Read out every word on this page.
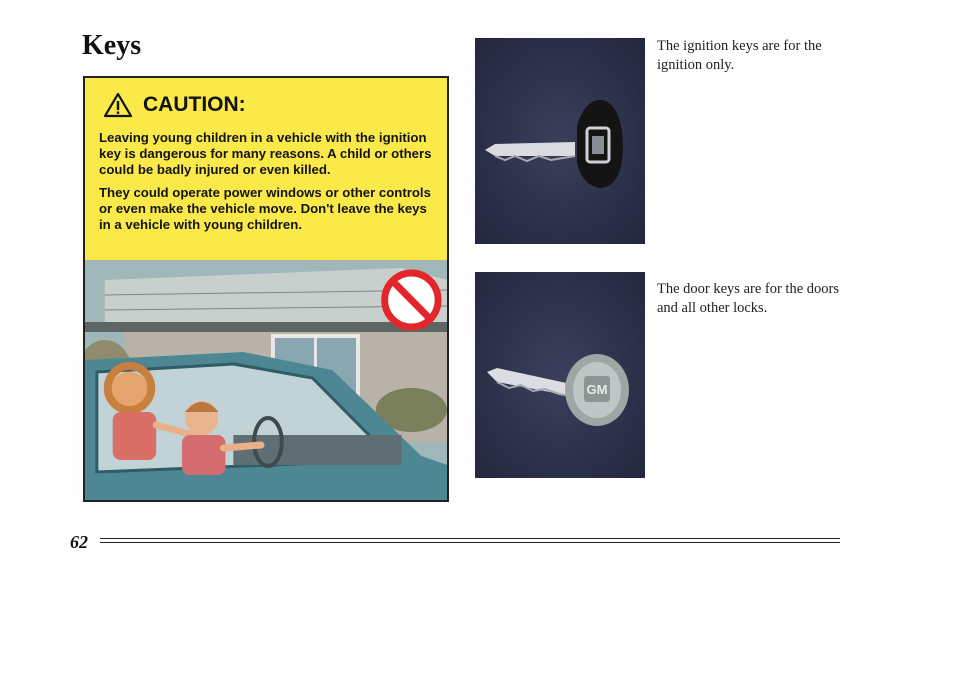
Keys
CAUTION:

Leaving young children in a vehicle with the ignition key is dangerous for many reasons. A child or others could be badly injured or even killed.

They could operate power windows or other controls or even make the vehicle move. Don't leave the keys in a vehicle with young children.

GM
The ignition keys are for the ignition only.
The door keys are for the doors and all other locks.
62
